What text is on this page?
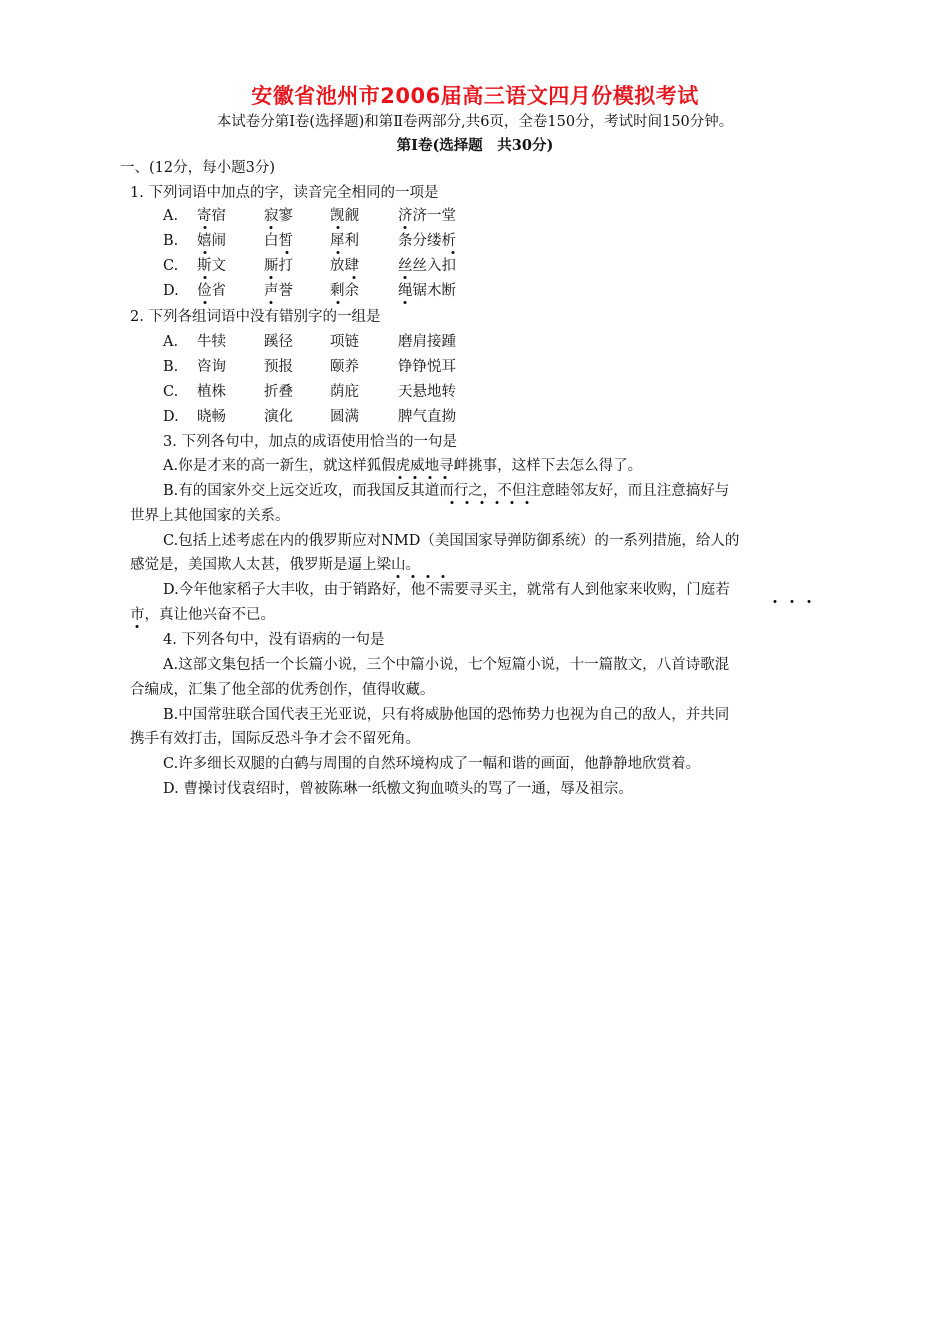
安徽省池州市2006届高三语文四月份模拟考试
本试卷分第Ⅰ卷(选择题)和第Ⅱ卷两部分,共6页，全卷150分，考试时间150分钟。
第Ⅰ卷(选择题　共30分)
一、(12分，每小题3分)
1. 下列词语中加点的字，读音完全相同的一项是
A. 寄宿	寂寥	觊觎	济济一堂
B. 嬉闹	白皙	犀利	条分缕析
C. 斯文	厮打	放肆	丝丝入扣
D. 俭省	声誉	剩余	绳锯木断
2. 下列各组词语中没有错别字的一组是
A. 牛犊	蹊径	项链	磨肩接踵
B. 咨询	预报	颐养	铮铮悦耳
C. 植株	折叠	荫庇	天悬地转
D. 晓畅	演化	圆满	脾气直拗
3. 下列各句中，加点的成语使用恰当的一句是
A.你是才来的高一新生，就这样狐假虎威地寻衅挑事，这样下去怎么得了。
B.有的国家外交上远交近攻，而我国反其道而行之，不但注意睦邻友好，而且注意搞好与
世界上其他国家的关系。
C.包括上述考虑在内的俄罗斯应对NMD（美国国家导弹防御系统）的一系列措施，给人的
感觉是，美国欺人太甚，俄罗斯是逼上梁山。
D.今年他家稻子大丰收，由于销路好，他不需要寻买主，就常有人到他家来收购，门庭若
市，真让他兴奋不已。
4. 下列各句中，没有语病的一句是
A.这部文集包括一个长篇小说，三个中篇小说，七个短篇小说，十一篇散文，八首诗歌混
合编成，汇集了他全部的优秀创作，值得收藏。
B.中国常驻联合国代表王光亚说，只有将威胁他国的恐怖势力也视为自己的敌人，并共同
携手有效打击，国际反恐斗争才会不留死角。
C.许多细长双腿的白鹤与周围的自然环境构成了一幅和谐的画面，他静静地欣赏着。
D. 曹操讨伐袁绍时，曾被陈琳一纸檄文狗血喷头的骂了一通，辱及祖宗。
